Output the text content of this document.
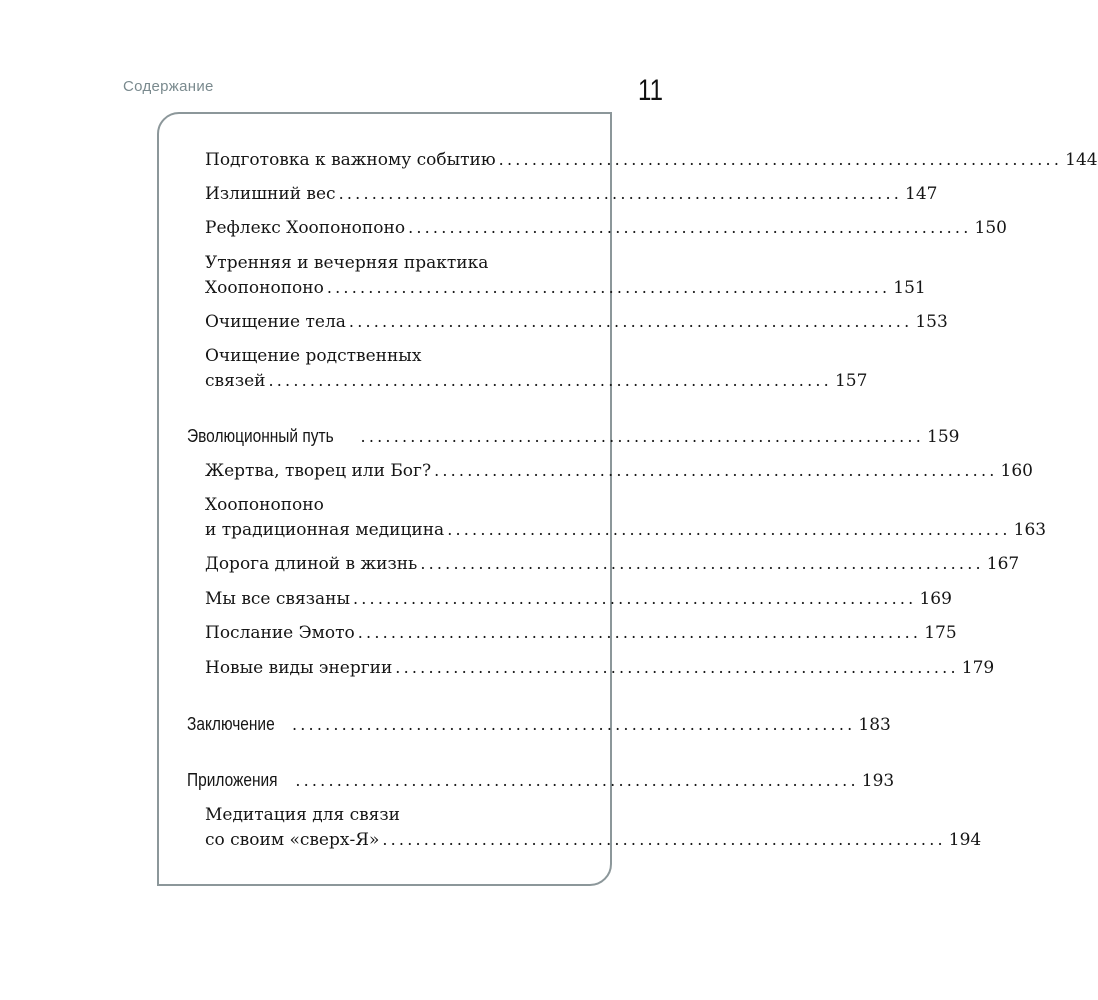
Содержание	11
Подготовка к важному событию .................................................................... 144
Излишний вес .................................................................... 147
Рефлекс Хоопонопоно .................................................................... 150
Утренняя и вечерняя практика
Хоопонопоно .................................................................... 151
Очищение тела .................................................................... 153
Очищение родственных
связей .................................................................... 157
Эволюционный путь .................................................................... 159
Жертва, творец или Бог? .................................................................... 160
Хоопонопоно
и традиционная медицина .................................................................... 163
Дорога длиной в жизнь .................................................................... 167
Мы все связаны .................................................................... 169
Послание Эмото .................................................................... 175
Новые виды энергии .................................................................... 179
Заключение .................................................................... 183
Приложения .................................................................... 193
Медитация для связи
со своим «сверх-Я» .................................................................... 194
